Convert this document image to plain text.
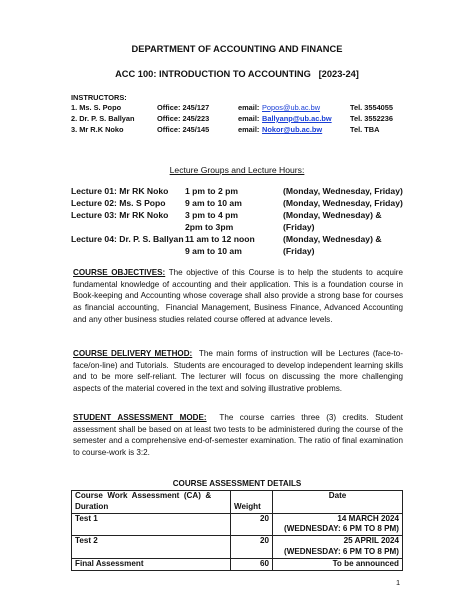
DEPARTMENT OF ACCOUNTING AND FINANCE
ACC 100: INTRODUCTION TO ACCOUNTING   [2023-24]
INSTRUCTORS:
1. Ms. S. Popo	Office: 245/127	email: Popos@ub.ac.bw	Tel. 3554055
2. Dr. P. S. Ballyan	Office: 245/223	email: Ballyanp@ub.ac.bw Tel. 3552236
3. Mr R.K Noko	Office: 245/145	email: Nokor@ub.ac.bw	Tel. TBA
Lecture Groups and Lecture Hours:
Lecture 01: Mr RK Noko 1 pm to 2 pm	(Monday, Wednesday, Friday)
Lecture 02: Ms. S Popo 9 am to 10 am	(Monday, Wednesday, Friday)
Lecture 03: Mr RK Noko 3 pm to 4 pm	(Monday, Wednesday) &
2pm to 3pm	(Friday)
Lecture 04: Dr. P. S. Ballyan 11 am to 12 noon	(Monday, Wednesday) &
9 am to 10 am	(Friday)
COURSE OBJECTIVES: The objective of this Course is to help the students to acquire fundamental knowledge of accounting and their application. This is a foundation course in Book-keeping and Accounting whose coverage shall also provide a strong base for courses as financial accounting,  Financial Management, Business Finance, Advanced Accounting and any other business studies related course offered at advance levels.
COURSE DELIVERY METHOD:  The main forms of instruction will be Lectures (face-to-face/on-line) and Tutorials.  Students are encouraged to develop independent learning skills and to be more self-reliant. The lecturer will focus on discussing the more challenging aspects of the material covered in the text and solving illustrative problems.
STUDENT ASSESSMENT MODE:  The course carries three (3) credits. Student assessment shall be based on at least two tests to be administered during the course of the semester and a comprehensive end-of-semester examination. The ratio of final examination to course-work is 3:2.
COURSE ASSESSMENT DETAILS
Course  Work  Assessment  (CA)  &
Duration	Weight	Date
Test 1	20	14 MARCH 2024
(WEDNESDAY: 6 PM TO 8 PM)

Test 2	20	25 APRIL 2024
(WEDNESDAY: 6 PM TO 8 PM)

Final Assessment	60	To be announced
1
